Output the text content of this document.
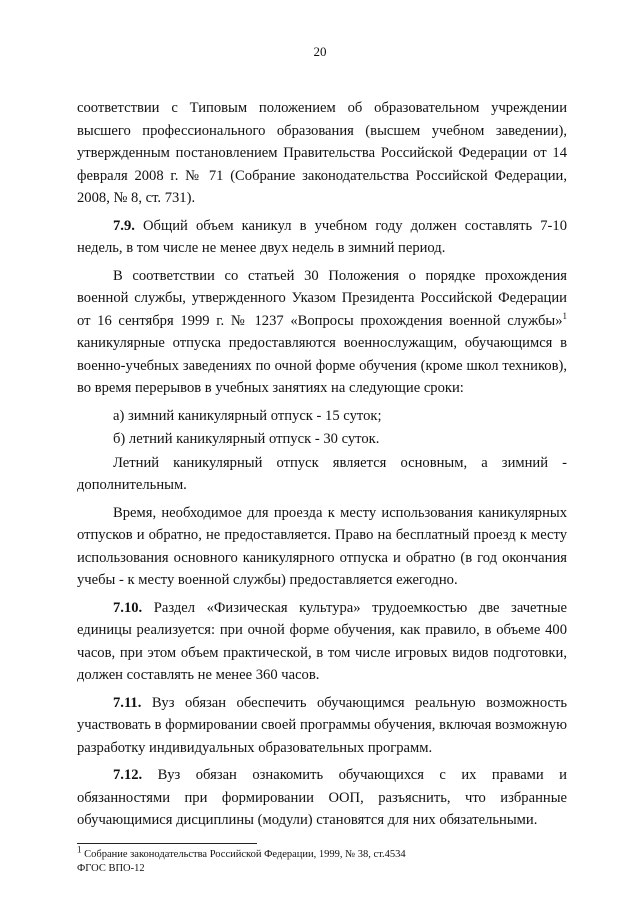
20

соответствии с Типовым положением об образовательном учреждении высшего профессионального образования (высшем учебном заведении), утвержденным постановлением Правительства Российской Федерации от 14 февраля 2008 г. № 71 (Собрание законодательства Российской Федерации, 2008, № 8, ст. 731).

7.9. Общий объем каникул в учебном году должен составлять 7-10 недель, в том числе не менее двух недель в зимний период.

В соответствии со статьей 30 Положения о порядке прохождения военной службы, утвержденного Указом Президента Российской Федерации от 16 сентября 1999 г. № 1237 «Вопросы прохождения военной службы»$^1$ каникулярные отпуска предоставляются военнослужащим, обучающимся в военно-учебных заведениях по очной форме обучения (кроме школ техников), во время перерывов в учебных занятиях на следующие сроки:

а) зимний каникулярный отпуск - 15 суток;

б) летний каникулярный отпуск - 30 суток.

Летний каникулярный отпуск является основным, а зимний - дополнительным.

Время, необходимое для проезда к месту использования каникулярных отпусков и обратно, не предоставляется. Право на бесплатный проезд к месту использования основного каникулярного отпуска и обратно (в год окончания учебы - к месту военной службы) предоставляется ежегодно.

7.10. Раздел «Физическая культура» трудоемкостью две зачетные единицы реализуется: при очной форме обучения, как правило, в объеме 400 часов, при этом объем практической, в том числе игровых видов подготовки, должен составлять не менее 360 часов.

7.11. Вуз обязан обеспечить обучающимся реальную возможность участвовать в формировании своей программы обучения, включая возможную разработку индивидуальных образовательных программ.

7.12. Вуз обязан ознакомить обучающихся с их правами и обязанностями при формировании ООП, разъяснить, что избранные обучающимися дисциплины (модули) становятся для них обязательными.

$^1$ Собрание законодательства Российской Федерации, 1999, № 38, ст.4534
ФГОС ВПО-12
